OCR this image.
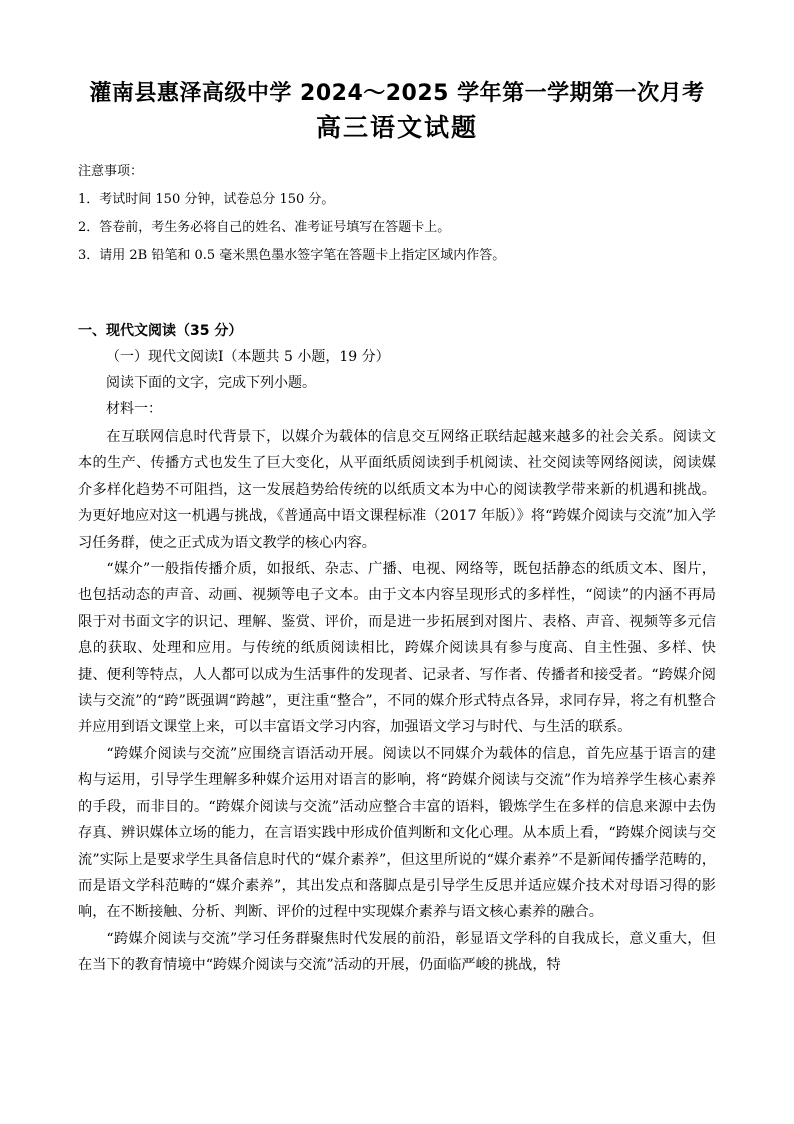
灌南县惠泽高级中学 2024～2025 学年第一学期第一次月考
高三语文试题
注意事项：
1．考试时间 150 分钟，试卷总分 150 分。
2．答卷前，考生务必将自己的姓名、准考证号填写在答题卡上。
3．请用 2B 铅笔和 0.5 毫米黑色墨水签字笔在答题卡上指定区域内作答。
一、现代文阅读（35 分）
（一）现代文阅读Ⅰ（本题共 5 小题，19 分）
阅读下面的文字，完成下列小题。
材料一：

在互联网信息时代背景下，以媒介为载体的信息交互网络正联结起越来越多的社会关系。阅读文本的生产、传播方式也发生了巨大变化，从平面纸质阅读到手机阅读、社交阅读等网络阅读，阅读媒介多样化趋势不可阻挡，这一发展趋势给传统的以纸质文本为中心的阅读教学带来新的机遇和挑战。为更好地应对这一机遇与挑战，《普通高中语文课程标准（2017 年版）》将“跨媒介阅读与交流”加入学习任务群，使之正式成为语文教学的核心内容。

“媒介”一般指传播介质，如报纸、杂志、广播、电视、网络等，既包括静态的纸质文本、图片，也包括动态的声音、动画、视频等电子文本。由于文本内容呈现形式的多样性，“阅读”的内涵不再局限于对书面文字的识记、理解、鉴赏、评价，而是进一步拓展到对图片、表格、声音、视频等多元信息的获取、处理和应用。与传统的纸质阅读相比，跨媒介阅读具有参与度高、自主性强、多样、快捷、便利等特点，人人都可以成为生活事件的发现者、记录者、写作者、传播者和接受者。“跨媒介阅读与交流”的“跨”既强调“跨越”，更注重“整合”，不同的媒介形式特点各异，求同存异，将之有机整合并应用到语文课堂上来，可以丰富语文学习内容，加强语文学习与时代、与生活的联系。

“跨媒介阅读与交流”应围绕言语活动开展。阅读以不同媒介为载体的信息，首先应基于语言的建构与运用，引导学生理解多种媒介运用对语言的影响，将“跨媒介阅读与交流”作为培养学生核心素养的手段，而非目的。“跨媒介阅读与交流”活动应整合丰富的语料，锻炼学生在多样的信息来源中去伪存真、辨识媒体立场的能力，在言语实践中形成价值判断和文化心理。从本质上看，“跨媒介阅读与交流”实际上是要求学生具备信息时代的“媒介素养”，但这里所说的“媒介素养”不是新闻传播学范畴的，而是语文学科范畴的“媒介素养”，其出发点和落脚点是引导学生反思并适应媒介技术对母语习得的影响，在不断接触、分析、判断、评价的过程中实现媒介素养与语文核心素养的融合。

“跨媒介阅读与交流”学习任务群聚焦时代发展的前沿，彰显语文学科的自我成长，意义重大，但在当下的教育情境中“跨媒介阅读与交流”活动的开展，仍面临严峻的挑战，特
